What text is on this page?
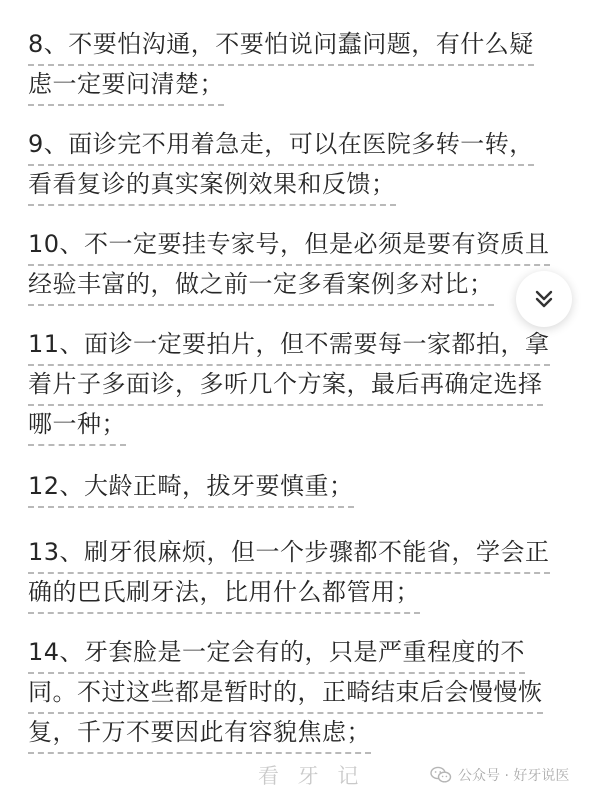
8、不要怕沟通，不要怕说问蠢问题，有什么疑
虑一定要问清楚；
9、面诊完不用着急走，可以在医院多转一转，
看看复诊的真实案例效果和反馈；
10、不一定要挂专家号，但是必须是要有资质且
经验丰富的，做之前一定多看案例多对比；
11、面诊一定要拍片，但不需要每一家都拍，拿
着片子多面诊，多听几个方案，最后再确定选择
哪一种；
12、大龄正畸，拔牙要慎重；
13、刷牙很麻烦，但一个步骤都不能省，学会正
确的巴氏刷牙法，比用什么都管用；
14、牙套脸是一定会有的，只是严重程度的不
同。不过这些都是暂时的，正畸结束后会慢慢恢
复，千万不要因此有容貌焦虑；
看 牙 记	公众号 · 好牙说医
